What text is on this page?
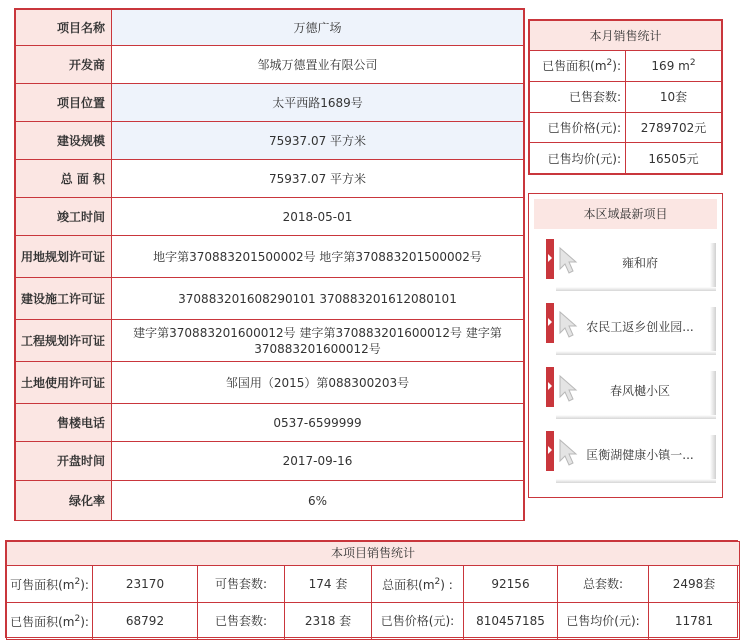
项目名称	万德广场
开发商	邹城万德置业有限公司
项目位置	太平西路1689号
建设规模	75937.07 平方米
总 面 积	75937.07 平方米
竣工时间	2018-05-01
用地规划许可证	地字第370883201500002号 地字第370883201500002号
建设施工许可证	370883201608290101 370883201612080101
工程规划许可证	建字第370883201600012号 建字第370883201600012号 建字第370883201600012号
土地使用许可证	邹国用（2015）第088300203号
售楼电话	0537-6599999
开盘时间	2017-09-16
绿化率	6%
本月销售统计	
已售面积$(m^2)$:	169 $m^2$
已售套数:	10套
已售价格(元):	2789702元
已售均价(元):	16505元
本区域最新项目
雍和府
农民工返乡创业园...
春风樾小区
匡衡湖健康小镇一...
本项目销售统计							
可售面积$(m^2)$:	23170	可售套数:	174 套	总面积$(m^2)$ :	92156	总套数:	2498套
已售面积$(m^2)$:	68792	已售套数:	2318 套	已售价格(元):	810457185	已售均价(元):	11781
